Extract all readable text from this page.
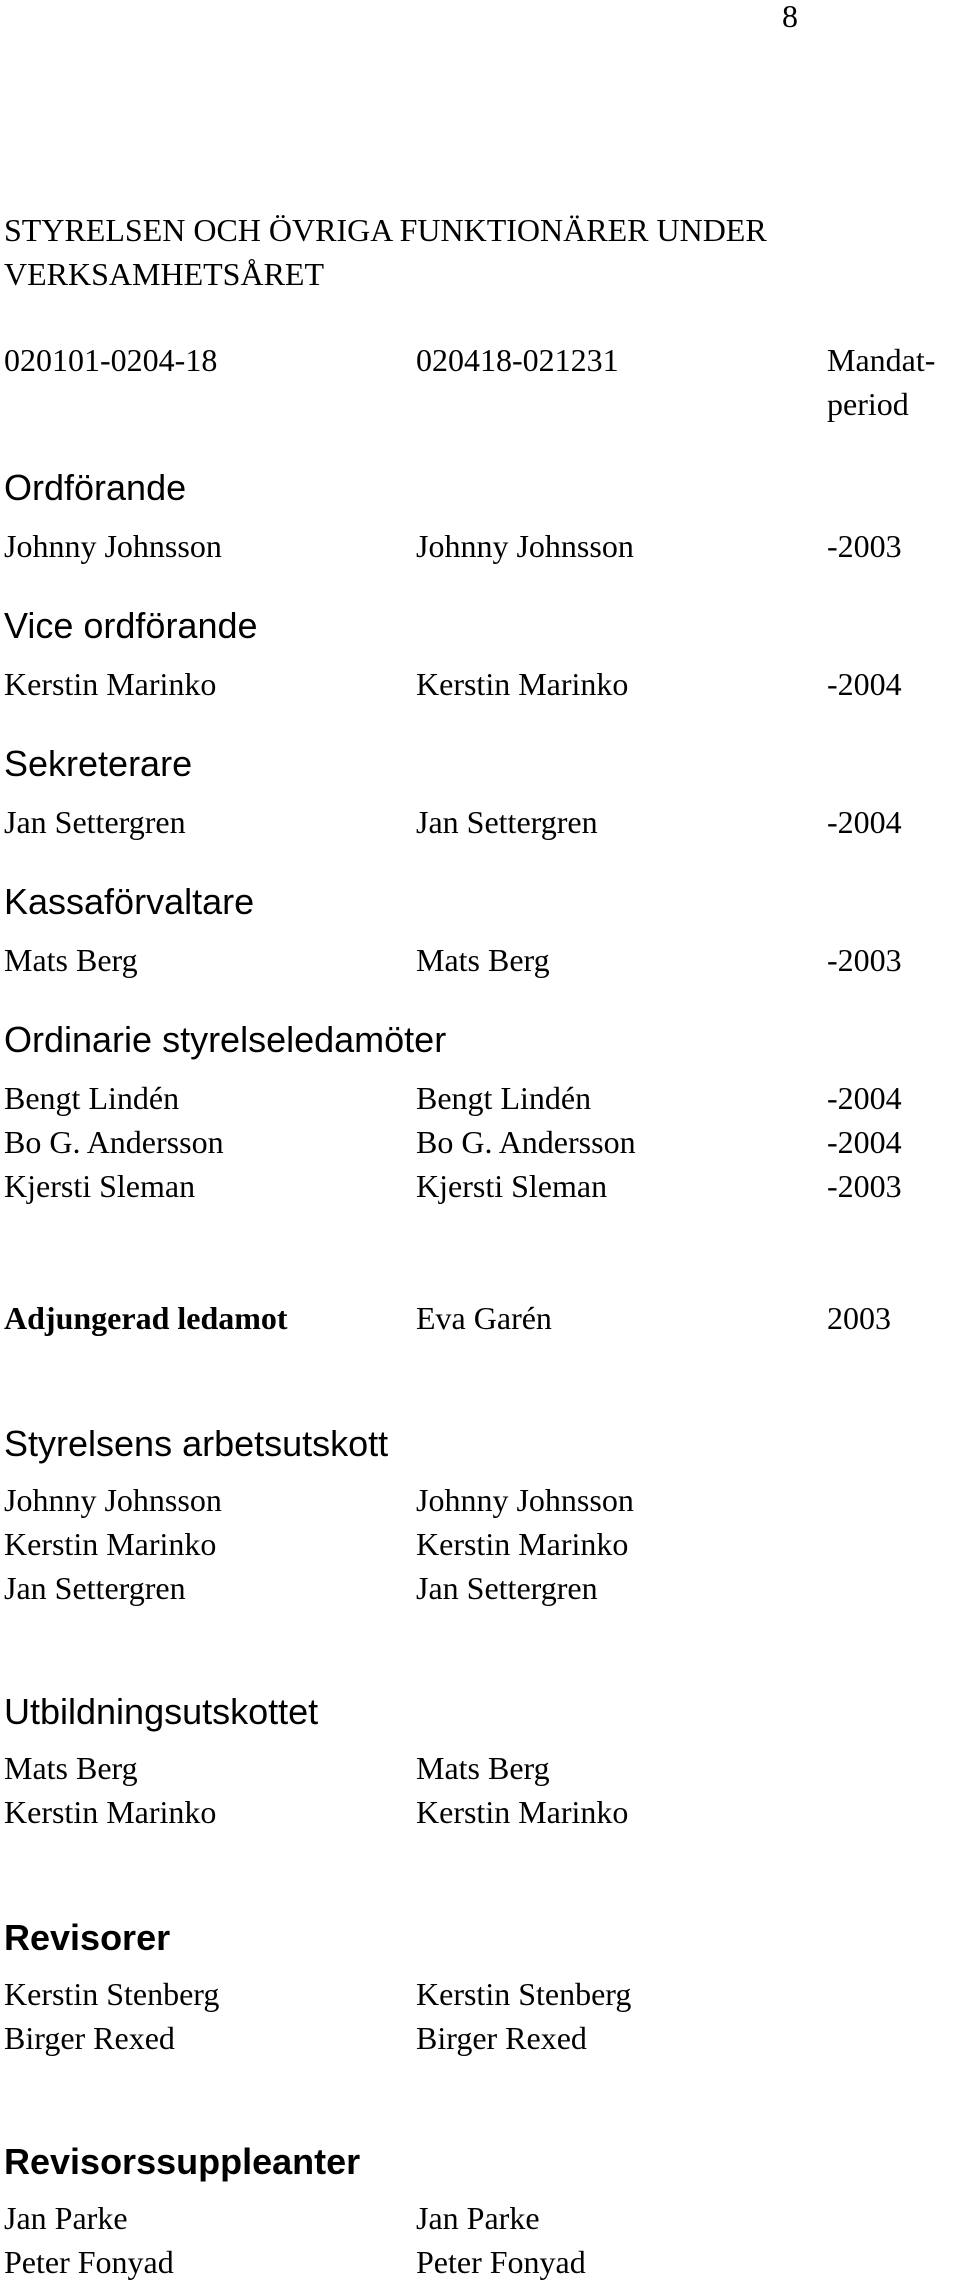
8
STYRELSEN OCH ÖVRIGA FUNKTIONÄRER UNDER VERKSAMHETSÅRET
020101-0204-18	020418-021231	Mandat-period
Ordförande
Johnny Johnsson	Johnny Johnsson	-2003
Vice ordförande
Kerstin Marinko	Kerstin Marinko	-2004
Sekreterare
Jan Settergren	Jan Settergren	-2004
Kassaförvaltare
Mats Berg	Mats Berg	-2003
Ordinarie styrelseledamöter
Bengt Lindén	Bengt Lindén	-2004
Bo G. Andersson	Bo G. Andersson	-2004
Kjersti Sleman	Kjersti Sleman	-2003
Adjungerad ledamot	Eva Garén	2003
Styrelsens arbetsutskott
Johnny Johnsson	Johnny Johnsson
Kerstin Marinko	Kerstin Marinko
Jan Settergren	Jan Settergren
Utbildningsutskottet
Mats Berg	Mats Berg
Kerstin Marinko	Kerstin Marinko
Revisorer
Kerstin Stenberg	Kerstin Stenberg
Birger Rexed	Birger Rexed
Revisorssuppleanter
Jan Parke	Jan Parke
Peter Fonyad	Peter Fonyad
